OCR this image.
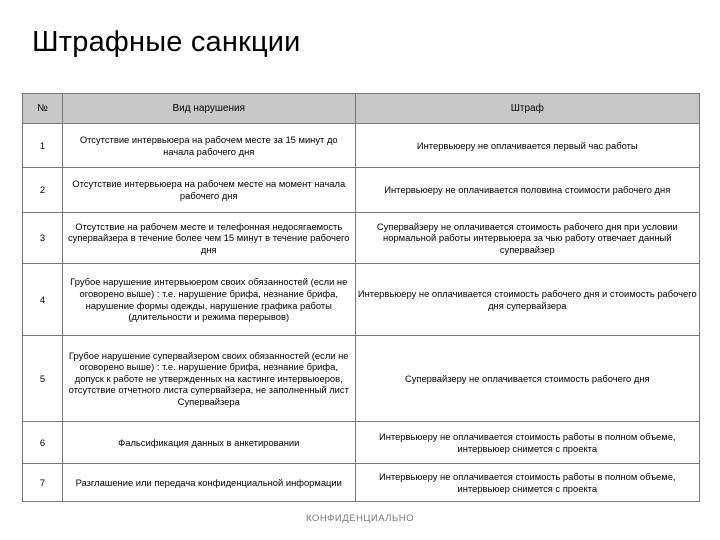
Штрафные санкции
№	Вид нарушения	Штраф
1	Отсутствие интервьюера на рабочем месте за 15 минут до начала рабочего дня	Интервьюеру не оплачивается первый час работы
2	Отсутствие интервьюера на рабочем месте на момент начала рабочего дня	Интервьюеру не оплачивается половина стоимости рабочего дня
3	Отсутствие на рабочем месте и телефонная недосягаемость супервайзера в течение более чем 15 минут в течение рабочего дня	Супервайзеру не оплачивается стоимость рабочего дня при условии нормальной работы интервьюера за чью работу отвечает данный супервайзер
4	Грубое нарушение интервьюером своих обязанностей (если не оговорено выше) : т.е. нарушение брифа, незнание брифа, нарушение формы одежды, нарушение графика работы (длительности и режима перерывов)	Интервьюеру не оплачивается стоимость рабочего дня и стоимость рабочего дня супервайзера
5	Грубое нарушение супервайзером своих обязанностей (если не оговорено выше) : т.е. нарушение брифа, незнание брифа, допуск к работе не утвержденных на кастинге интервьюеров, отсутствие отчетного листа супервайзера, не заполненный лист Супервайзера	Супервайзеру не оплачивается стоимость рабочего дня
6	Фальсификация данных в анкетировании	Интервьюеру не оплачивается стоимость работы в полном объеме, интервьюер снимется с проекта
7	Разглашение или передача конфиденциальной информации	Интервьюеру не оплачивается стоимость работы в полном объеме, интервьюер снимется с проекта
КОНФИДЕНЦИАЛЬНО
